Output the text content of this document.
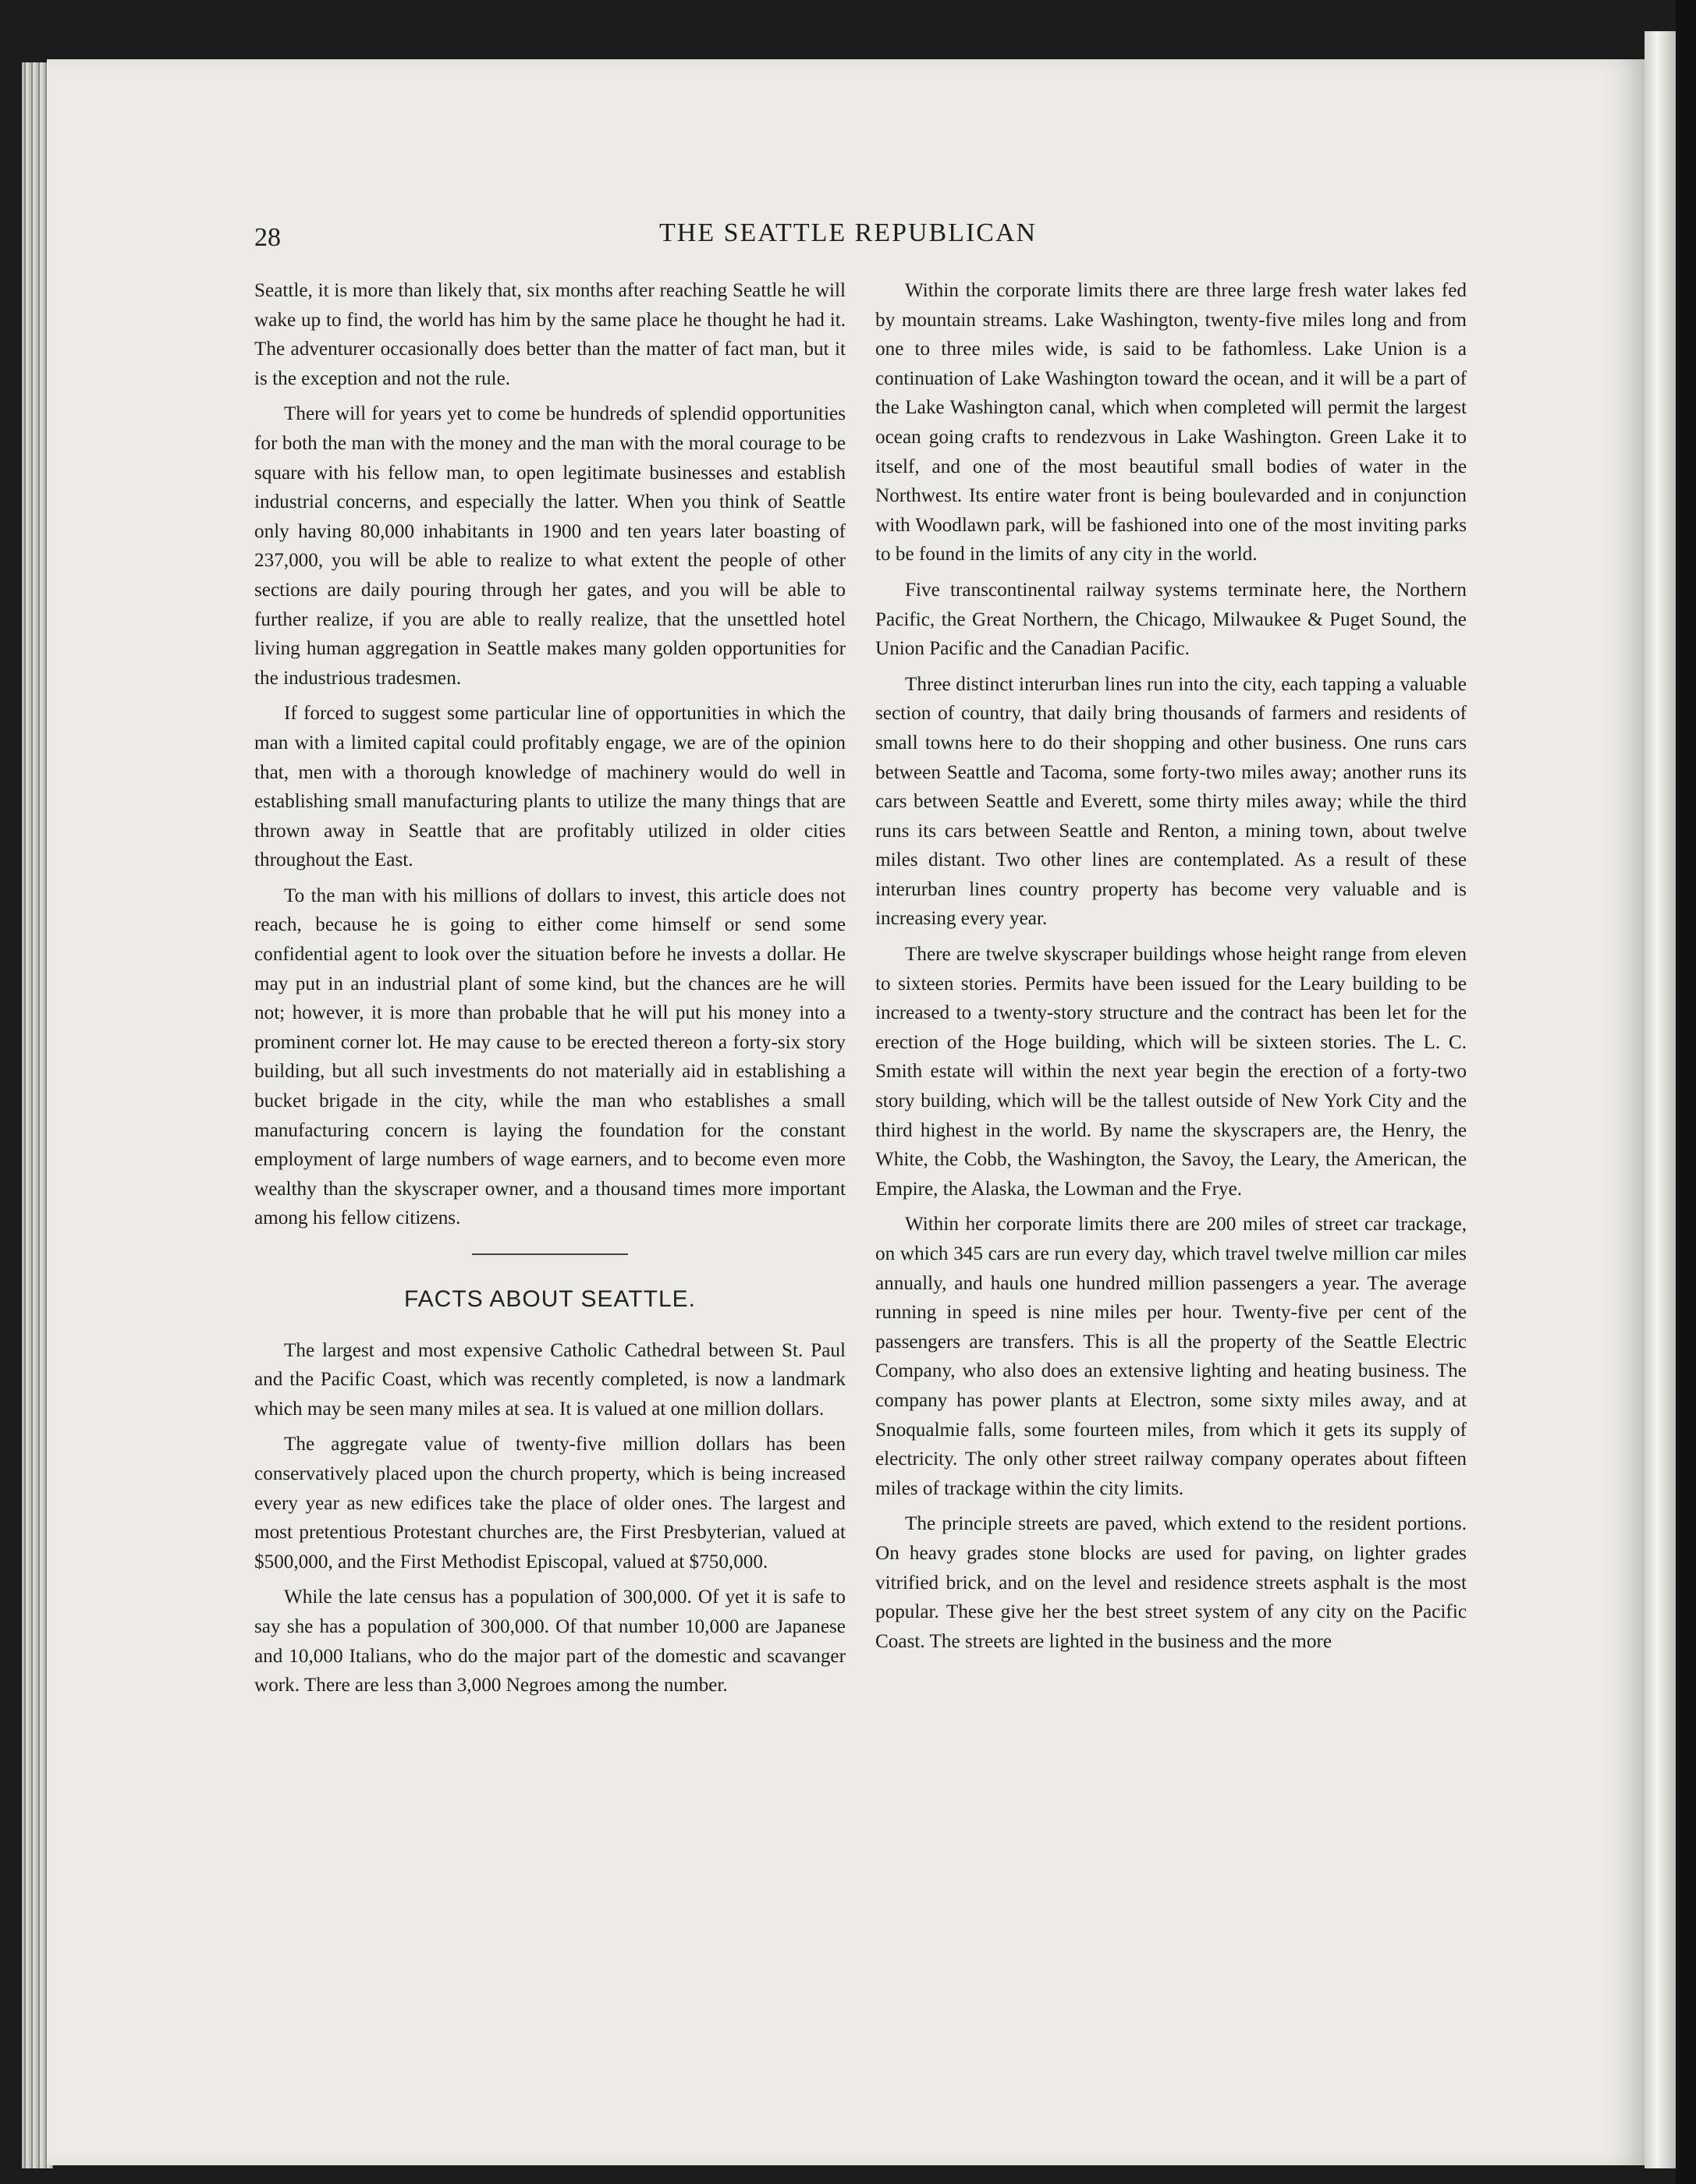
28	THE SEATTLE REPUBLICAN

Seattle, it is more than likely that, six months after reaching Seattle he will wake up to find, the world has him by the same place he thought he had it. The adventurer occasionally does better than the matter of fact man, but it is the exception and not the rule.

There will for years yet to come be hundreds of splendid opportunities for both the man with the money and the man with the moral courage to be square with his fellow man, to open legitimate businesses and establish industrial concerns, and especially the latter. When you think of Seattle only having 80,000 inhabitants in 1900 and ten years later boasting of 237,000, you will be able to realize to what extent the people of other sections are daily pouring through her gates, and you will be able to further realize, if you are able to really realize, that the unsettled hotel living human aggregation in Seattle makes many golden opportunities for the industrious tradesmen.

If forced to suggest some particular line of opportunities in which the man with a limited capital could profitably engage, we are of the opinion that, men with a thorough knowledge of machinery would do well in establishing small manufacturing plants to utilize the many things that are thrown away in Seattle that are profitably utilized in older cities throughout the East.

To the man with his millions of dollars to invest, this article does not reach, because he is going to either come himself or send some confidential agent to look over the situation before he invests a dollar. He may put in an industrial plant of some kind, but the chances are he will not; however, it is more than probable that he will put his money into a prominent corner lot. He may cause to be erected thereon a forty-six story building, but all such investments do not materially aid in establishing a bucket brigade in the city, while the man who establishes a small manufacturing concern is laying the foundation for the constant employment of large numbers of wage earners, and to become even more wealthy than the skyscraper owner, and a thousand times more important among his fellow citizens.

FACTS ABOUT SEATTLE.

The largest and most expensive Catholic Cathedral between St. Paul and the Pacific Coast, which was recently completed, is now a landmark which may be seen many miles at sea. It is valued at one million dollars.

The aggregate value of twenty-five million dollars has been conservatively placed upon the church property, which is being increased every year as new edifices take the place of older ones. The largest and most pretentious Protestant churches are, the First Presbyterian, valued at $500,000, and the First Methodist Episcopal, valued at $750,000.

While the late census has a population of 300,000. Of yet it is safe to say she has a population of 300,000. Of that number 10,000 are Japanese and 10,000 Italians, who do the major part of the domestic and scavanger work. There are less than 3,000 Negroes among the number.

Within the corporate limits there are three large fresh water lakes fed by mountain streams. Lake Washington, twenty-five miles long and from one to three miles wide, is said to be fathomless. Lake Union is a continuation of Lake Washington toward the ocean, and it will be a part of the Lake Washington canal, which when completed will permit the largest ocean going crafts to rendezvous in Lake Washington. Green Lake it to itself, and one of the most beautiful small bodies of water in the Northwest. Its entire water front is being boulevarded and in conjunction with Woodlawn park, will be fashioned into one of the most inviting parks to be found in the limits of any city in the world.

Five transcontinental railway systems terminate here, the Northern Pacific, the Great Northern, the Chicago, Milwaukee & Puget Sound, the Union Pacific and the Canadian Pacific.

Three distinct interurban lines run into the city, each tapping a valuable section of country, that daily bring thousands of farmers and residents of small towns here to do their shopping and other business. One runs cars between Seattle and Tacoma, some forty-two miles away; another runs its cars between Seattle and Everett, some thirty miles away; while the third runs its cars between Seattle and Renton, a mining town, about twelve miles distant. Two other lines are contemplated. As a result of these interurban lines country property has become very valuable and is increasing every year.

There are twelve skyscraper buildings whose height range from eleven to sixteen stories. Permits have been issued for the Leary building to be increased to a twenty-story structure and the contract has been let for the erection of the Hoge building, which will be sixteen stories. The L. C. Smith estate will within the next year begin the erection of a forty-two story building, which will be the tallest outside of New York City and the third highest in the world. By name the skyscrapers are, the Henry, the White, the Cobb, the Washington, the Savoy, the Leary, the American, the Empire, the Alaska, the Lowman and the Frye.

Within her corporate limits there are 200 miles of street car trackage, on which 345 cars are run every day, which travel twelve million car miles annually, and hauls one hundred million passengers a year. The average running in speed is nine miles per hour. Twenty-five per cent of the passengers are transfers. This is all the property of the Seattle Electric Company, who also does an extensive lighting and heating business. The company has power plants at Electron, some sixty miles away, and at Snoqualmie falls, some fourteen miles, from which it gets its supply of electricity. The only other street railway company operates about fifteen miles of trackage within the city limits.

The principle streets are paved, which extend to the resident portions. On heavy grades stone blocks are used for paving, on lighter grades vitrified brick, and on the level and residence streets asphalt is the most popular. These give her the best street system of any city on the Pacific Coast. The streets are lighted in the business and the more
